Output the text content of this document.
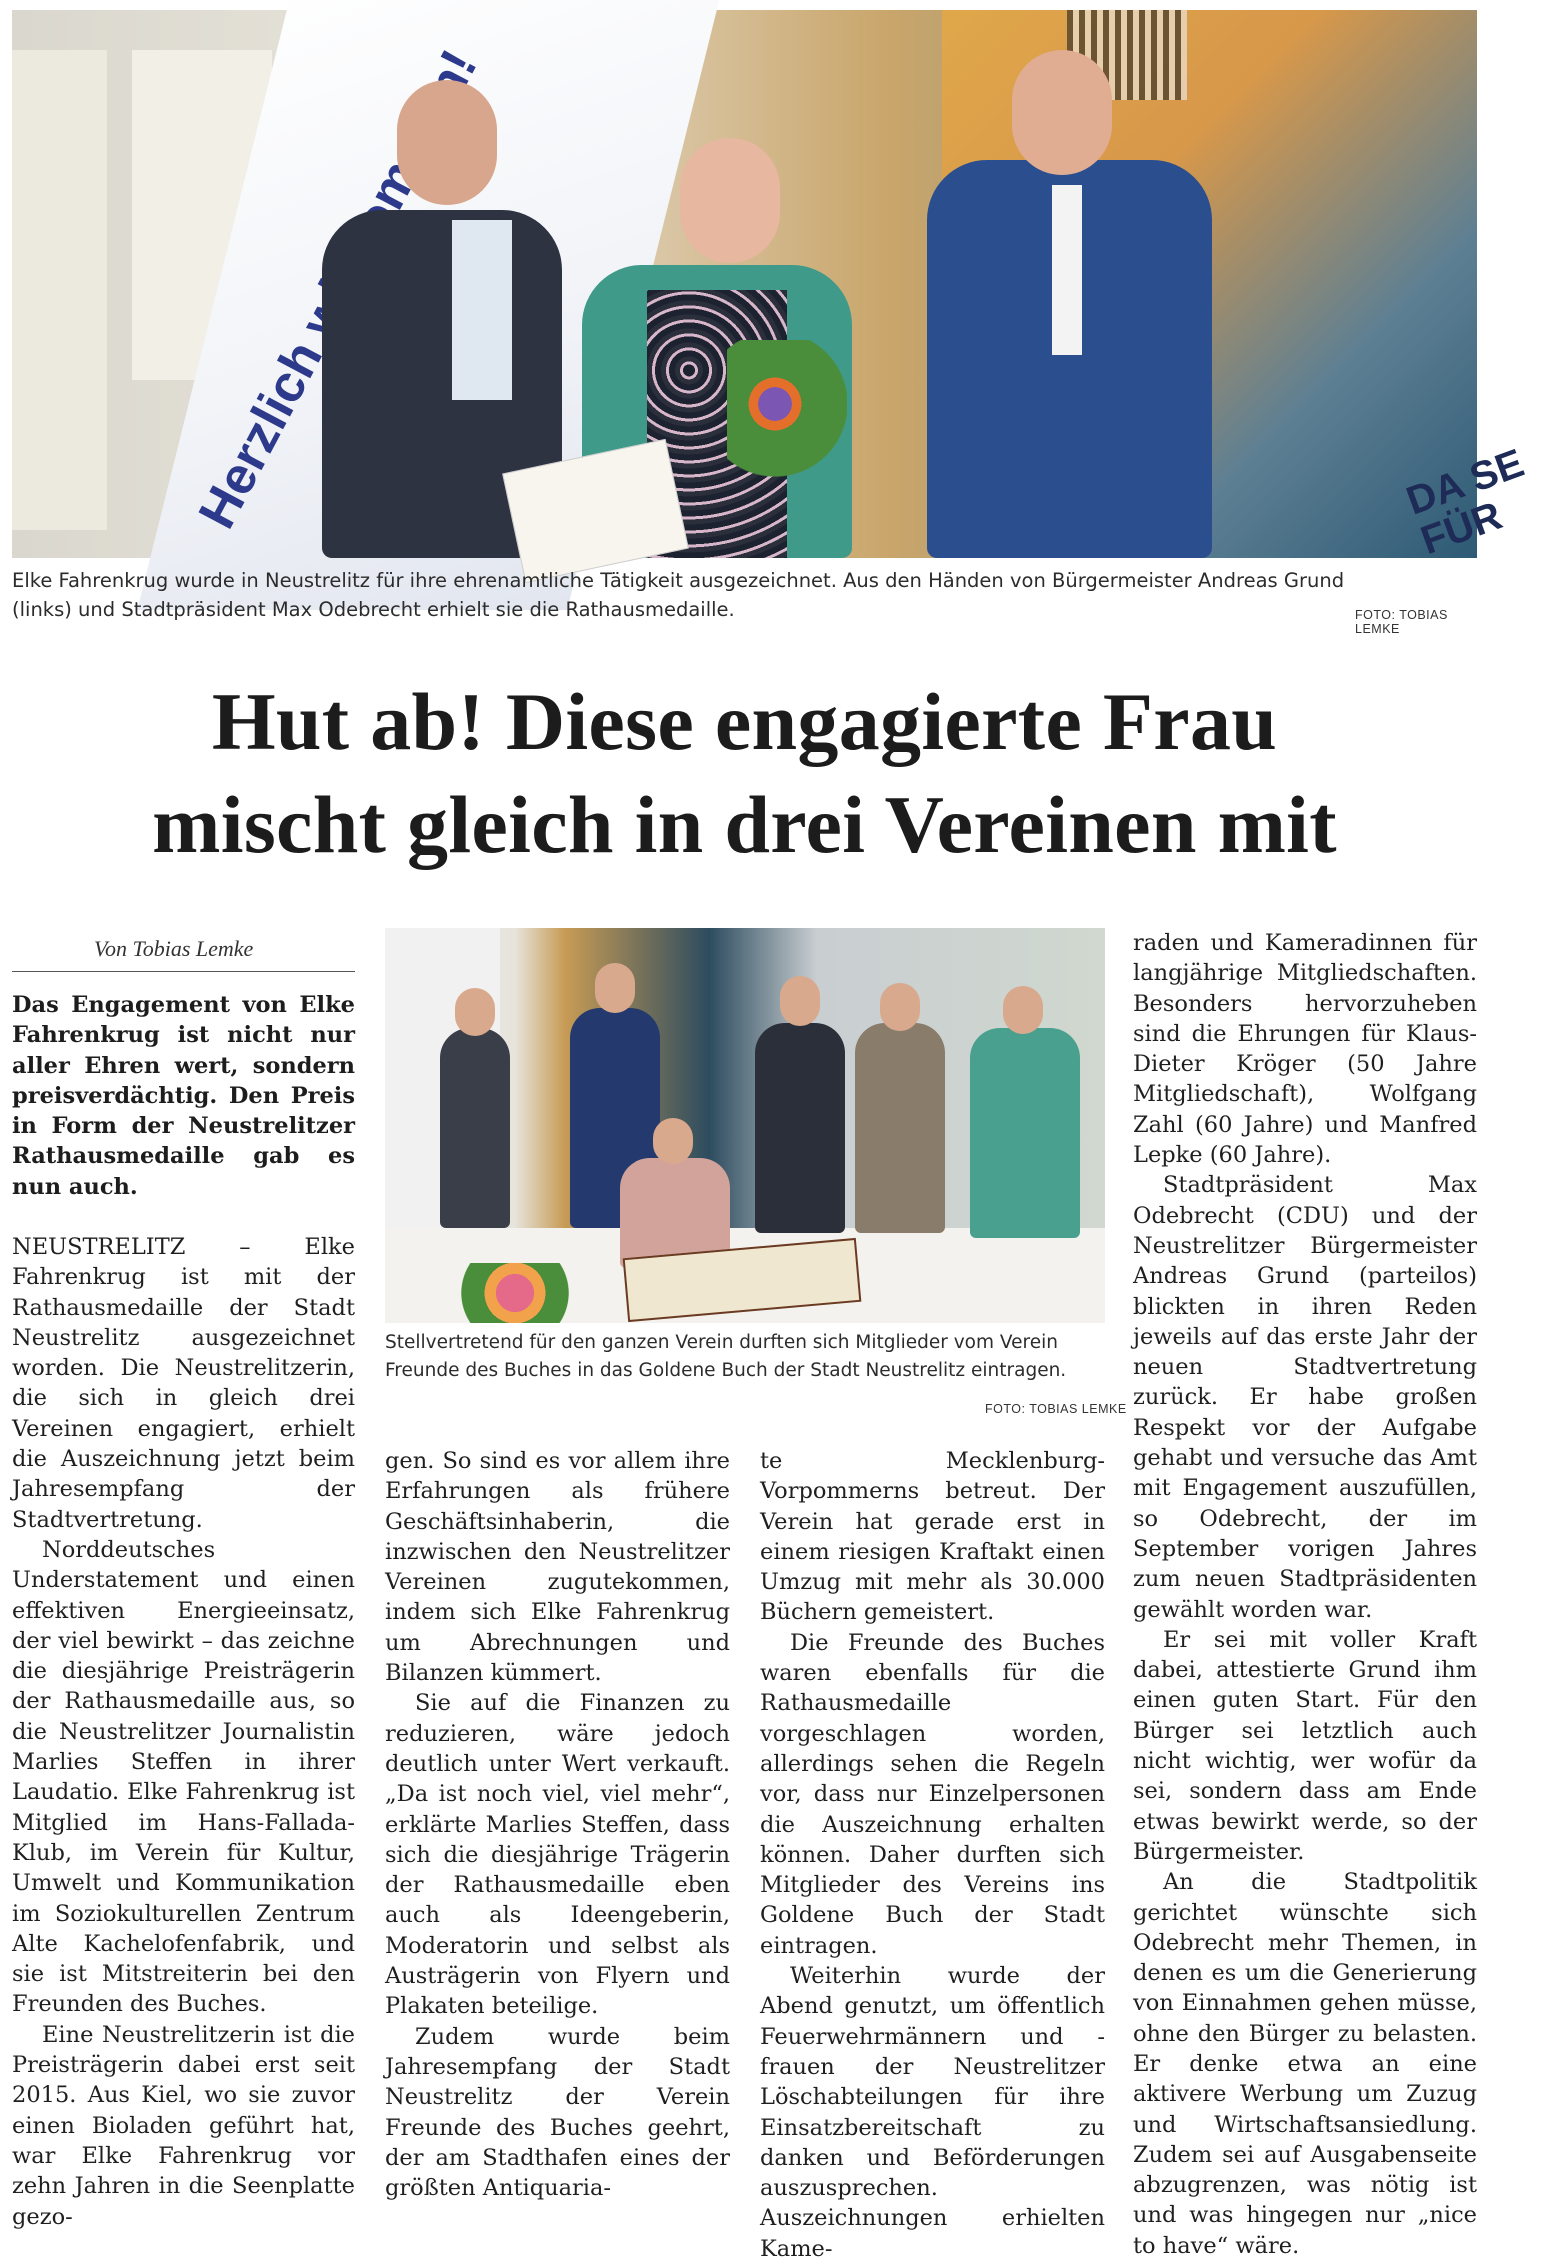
Herzlich willkommen!
DA SE
FÜR
Elke Fahrenkrug wurde in Neustrelitz für ihre ehrenamtliche Tätigkeit ausgezeichnet. Aus den Händen von Bürgermeister Andreas Grund
(links) und Stadtpräsident Max Odebrecht erhielt sie die Rathausmedaille.	FOTO: TOBIAS LEMKE
Hut ab! Diese engagierte Frau
mischt gleich in drei Vereinen mit
Von Tobias Lemke
Das Engagement von Elke Fahrenkrug ist nicht nur aller Ehren wert, sondern preisverdächtig. Den Preis in Form der Neustrelitzer Rathausmedaille gab es nun auch.

NEUSTRELITZ – Elke Fahrenkrug ist mit der Rathausmedaille der Stadt Neustrelitz ausgezeichnet worden. Die Neustrelitzerin, die sich in gleich drei Vereinen engagiert, erhielt die Auszeichnung jetzt beim Jahresempfang der Stadtvertretung.

Norddeutsches Understatement und einen effektiven Energieeinsatz, der viel bewirkt – das zeichne die diesjährige Preisträgerin der Rathausmedaille aus, so die Neustrelitzer Journalistin Marlies Steffen in ihrer Laudatio. Elke Fahrenkrug ist Mitglied im Hans-Fallada-Klub, im Verein für Kultur, Umwelt und Kommunikation im Soziokulturellen Zentrum Alte Kachelofenfabrik, und sie ist Mitstreiterin bei den Freunden des Buches.

Eine Neustrelitzerin ist die Preisträgerin dabei erst seit 2015. Aus Kiel, wo sie zuvor einen Bioladen geführt hat, war Elke Fahrenkrug vor zehn Jahren in die Seenplatte gezo-

Stellvertretend für den ganzen Verein durften sich Mitglieder vom Verein Freunde des Buches in das Goldene Buch der Stadt Neustrelitz eintragen.
FOTO: TOBIAS LEMKE

gen. So sind es vor allem ihre Erfahrungen als frühere Geschäftsinhaberin, die inzwischen den Neustrelitzer Vereinen zugutekommen, indem sich Elke Fahrenkrug um Abrechnungen und Bilanzen kümmert.

Sie auf die Finanzen zu reduzieren, wäre jedoch deutlich unter Wert verkauft. „Da ist noch viel, viel mehr“, erklärte Marlies Steffen, dass sich die diesjährige Trägerin der Rathausmedaille eben auch als Ideengeberin, Moderatorin und selbst als Austrägerin von Flyern und Plakaten beteilige.

Zudem wurde beim Jahresempfang der Stadt Neustrelitz der Verein Freunde des Buches geehrt, der am Stadthafen eines der größten Antiquaria-

te Mecklenburg-Vorpommerns betreut. Der Verein hat gerade erst in einem riesigen Kraftakt einen Umzug mit mehr als 30.000 Büchern gemeistert.

Die Freunde des Buches waren ebenfalls für die Rathausmedaille vorgeschlagen worden, allerdings sehen die Regeln vor, dass nur Einzelpersonen die Auszeichnung erhalten können. Daher durften sich Mitglieder des Vereins ins Goldene Buch der Stadt eintragen.

Weiterhin wurde der Abend genutzt, um öffentlich Feuerwehrmännern und -frauen der Neustrelitzer Löschabteilungen für ihre Einsatzbereitschaft zu danken und Beförderungen auszusprechen. Auszeichnungen erhielten Kame-

raden und Kameradinnen für langjährige Mitgliedschaften. Besonders hervorzuheben sind die Ehrungen für Klaus-Dieter Kröger (50 Jahre Mitgliedschaft), Wolfgang Zahl (60 Jahre) und Manfred Lepke (60 Jahre).

Stadtpräsident Max Odebrecht (CDU) und der Neustrelitzer Bürgermeister Andreas Grund (parteilos) blickten in ihren Reden jeweils auf das erste Jahr der neuen Stadtvertretung zurück. Er habe großen Respekt vor der Aufgabe gehabt und versuche das Amt mit Engagement auszufüllen, so Odebrecht, der im September vorigen Jahres zum neuen Stadtpräsidenten gewählt worden war.

Er sei mit voller Kraft dabei, attestierte Grund ihm einen guten Start. Für den Bürger sei letztlich auch nicht wichtig, wer wofür da sei, sondern dass am Ende etwas bewirkt werde, so der Bürgermeister.

An die Stadtpolitik gerichtet wünschte sich Odebrecht mehr Themen, in denen es um die Generierung von Einnahmen gehen müsse, ohne den Bürger zu belasten. Er denke etwa an eine aktivere Werbung um Zuzug und Wirtschaftsansiedlung. Zudem sei auf Ausgabenseite abzugrenzen, was nötig ist und was hingegen nur „nice to have“ wäre.
